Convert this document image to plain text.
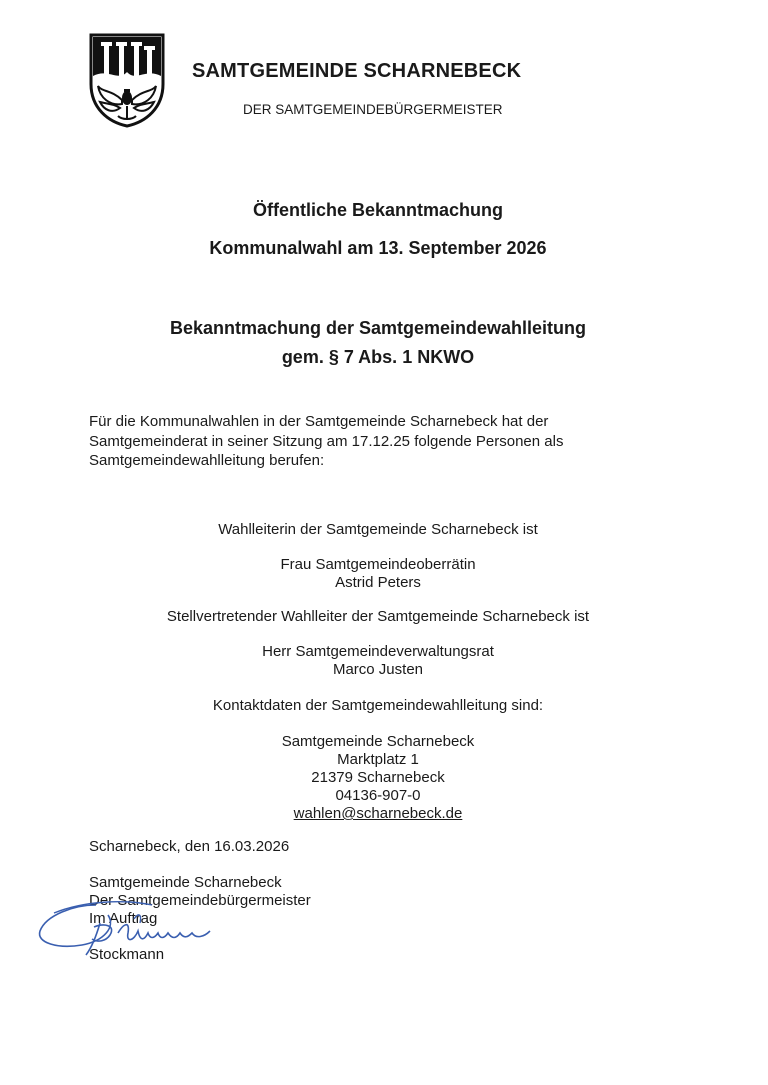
SAMTGEMEINDE SCHARNEBECK
DER SAMTGEMEINDEBÜRGERMEISTER
Öffentliche Bekanntmachung
Kommunalwahl am 13. September 2026
Bekanntmachung der Samtgemeindewahlleitung
gem. § 7 Abs. 1 NKWO
Für die Kommunalwahlen in der Samtgemeinde Scharnebeck hat der
Samtgemeinderat in seiner Sitzung am 17.12.25 folgende Personen als
Samtgemeindewahlleitung berufen:
Wahlleiterin der Samtgemeinde Scharnebeck ist
Frau Samtgemeindeoberrätin
Astrid Peters
Stellvertretender Wahlleiter der Samtgemeinde Scharnebeck ist
Herr Samtgemeindeverwaltungsrat
Marco Justen
Kontaktdaten der Samtgemeindewahlleitung sind:
Samtgemeinde Scharnebeck
Marktplatz 1
21379 Scharnebeck
04136-907-0
wahlen@scharnebeck.de
Scharnebeck, den 16.03.2026
Samtgemeinde Scharnebeck
Der Samtgemeindebürgermeister
Im Auftrag
Stockmann
